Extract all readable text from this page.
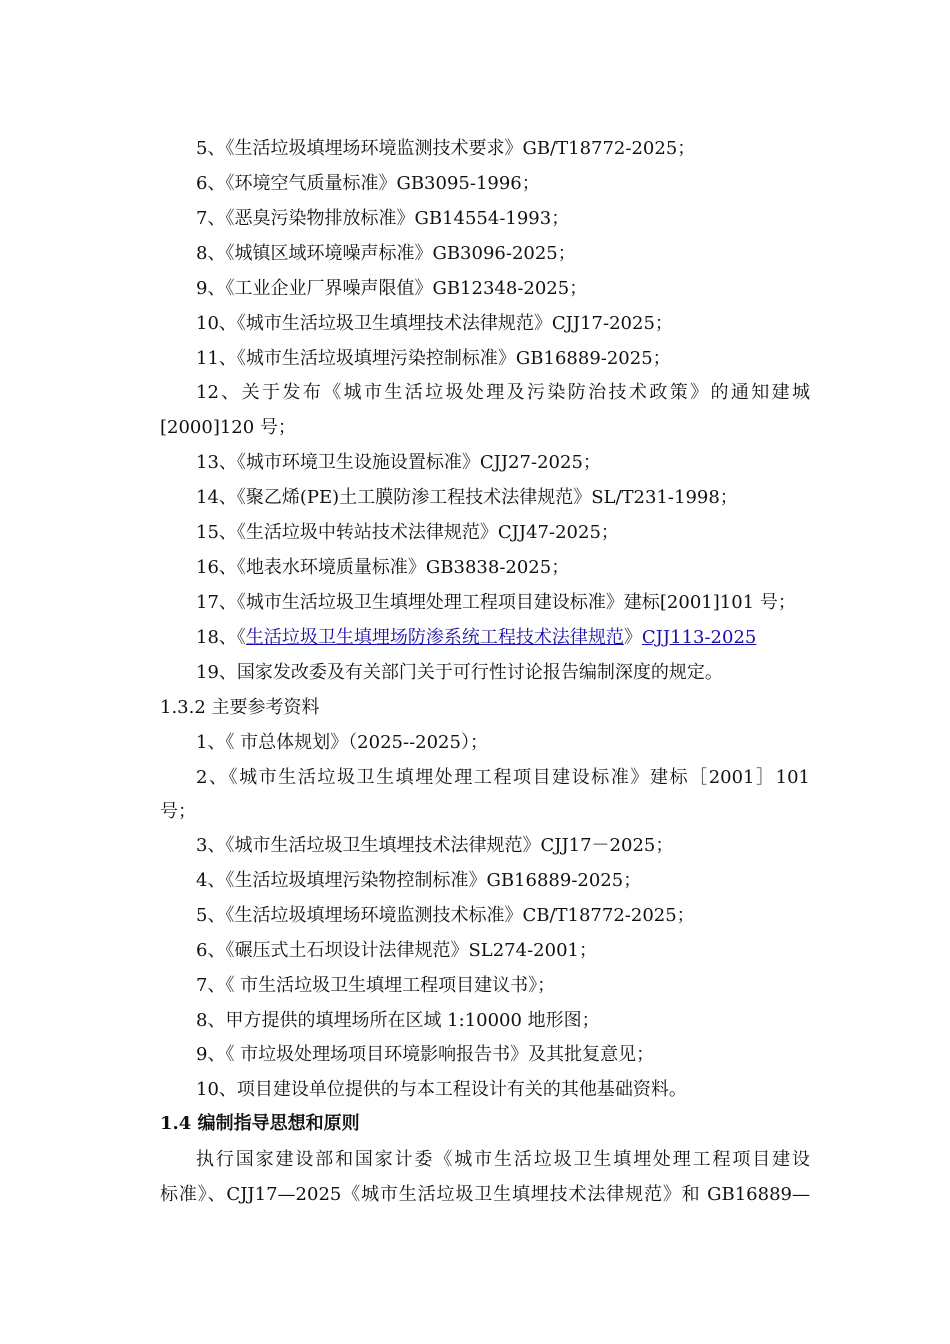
5、《生活垃圾填埋场环境监测技术要求》GB/T18772-2025；
6、《环境空气质量标准》GB3095-1996；
7、《恶臭污染物排放标准》GB14554-1993；
8、《城镇区域环境噪声标准》GB3096-2025；
9、《工业企业厂界噪声限值》GB12348-2025；
10、《城市生活垃圾卫生填埋技术法律规范》CJJ17-2025；
11、《城市生活垃圾填埋污染控制标准》GB16889-2025；
12、关于发布《城市生活垃圾处理及污染防治技术政策》的通知建城
[2000]120 号；
13、《城市环境卫生设施设置标准》CJJ27-2025；
14、《聚乙烯(PE)土工膜防渗工程技术法律规范》SL/T231-1998；
15、《生活垃圾中转站技术法律规范》CJJ47-2025；
16、《地表水环境质量标准》GB3838-2025；
17、《城市生活垃圾卫生填埋处理工程项目建设标准》建标[2001]101 号；
18、《生活垃圾卫生填埋场防渗系统工程技术法律规范》CJJ113-2025
19、国家发改委及有关部门关于可行性讨论报告编制深度的规定。
1.3.2 主要参考资料
1、《 市总体规划》（2025--2025）；
2、《城市生活垃圾卫生填埋处理工程项目建设标准》建标［2001］101
号；
3、《城市生活垃圾卫生填埋技术法律规范》CJJ17－2025；
4、《生活垃圾填埋污染物控制标准》GB16889-2025；
5、《生活垃圾填埋场环境监测技术标准》CB/T18772-2025；
6、《碾压式土石坝设计法律规范》SL274-2001；
7、《 市生活垃圾卫生填埋工程项目建议书》；
8、甲方提供的填埋场所在区域 1:10000 地形图；
9、《 市垃圾处理场项目环境影响报告书》及其批复意见；
10、项目建设单位提供的与本工程设计有关的其他基础资料。
1.4 编制指导思想和原则
执行国家建设部和国家计委《城市生活垃圾卫生填埋处理工程项目建设
标准》、CJJ17—2025《城市生活垃圾卫生填埋技术法律规范》和 GB16889—
